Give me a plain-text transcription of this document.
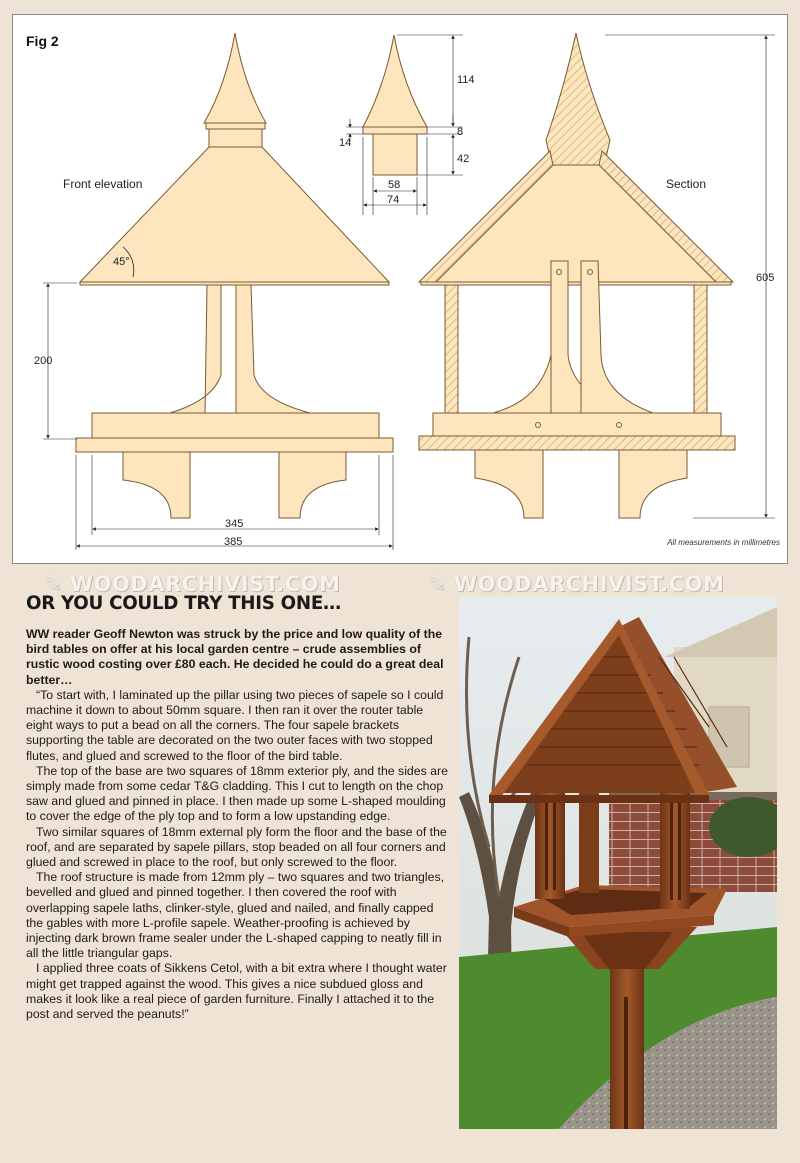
Fig 2
45°
Front elevation
200
345
385
114
8
14
42
58
74
Section
605
All measurements in millimetres
✎ WOODARCHIVIST.COM	✎ WOODARCHIVIST.COM
OR YOU COULD TRY THIS ONE…

WW reader Geoff Newton was struck by the price and low quality of the bird tables on offer at his local garden centre – crude assemblies of rustic wood costing over £80 each. He decided he could do a great deal better…

“To start with, I laminated up the pillar using two pieces of sapele so I could machine it down to about 50mm square. I then ran it over the router table eight ways to put a bead on all the corners. The four sapele brackets supporting the table are decorated on the two outer faces with two stopped flutes, and glued and screwed to the floor of the bird table.

The top of the base are two squares of 18mm exterior ply, and the sides are simply made from some cedar T&G cladding. This I cut to length on the chop saw and glued and pinned in place. I then made up some L-shaped moulding to cover the edge of the ply top and to form a low upstanding edge.

Two similar squares of 18mm external ply form the floor and the base of the roof, and are separated by sapele pillars, stop beaded on all four corners and glued and screwed in place to the roof, but only screwed to the floor.

The roof structure is made from 12mm ply – two squares and two triangles, bevelled and glued and pinned together. I then covered the roof with overlapping sapele laths, clinker-style, glued and nailed, and finally capped the gables with more L-profile sapele. Weather-proofing is achieved by injecting dark brown frame sealer under the L-shaped capping to neatly fill in all the little triangular gaps.

I applied three coats of Sikkens Cetol, with a bit extra where I thought water might get trapped against the wood. This gives a nice subdued gloss and makes it look like a real piece of garden furniture. Finally I attached it to the post and served the peanuts!”
